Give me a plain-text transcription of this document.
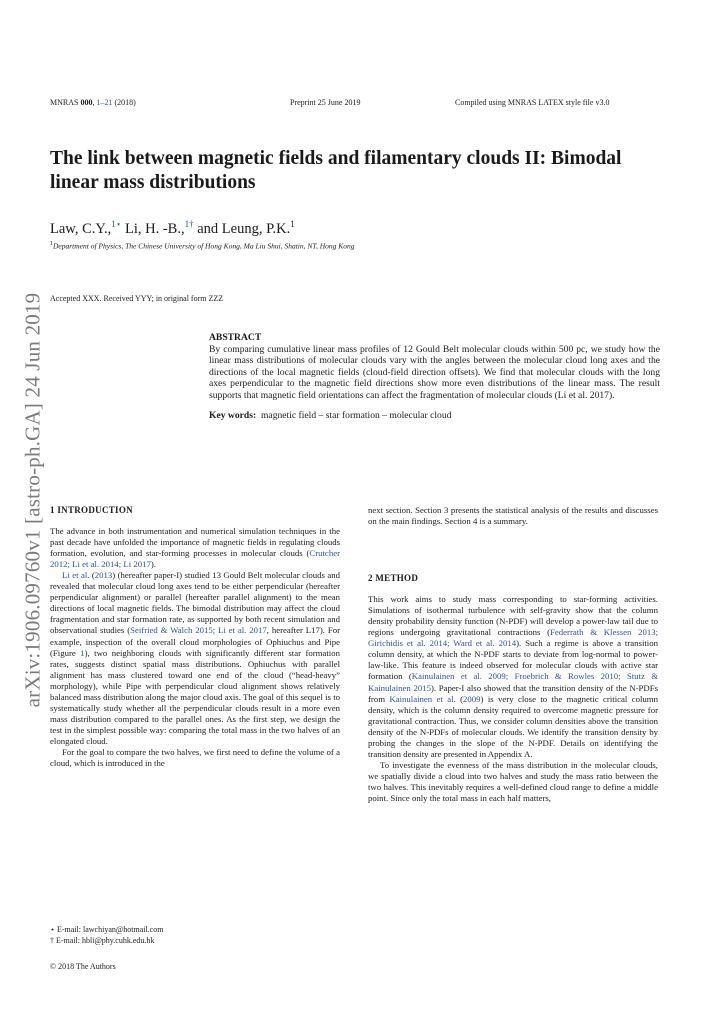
MNRAS 000, 1–21 (2018)	Preprint 25 June 2019	Compiled using MNRAS LATEX style file v3.0
arXiv:1906.09760v1 [astro-ph.GA] 24 Jun 2019
The link between magnetic fields and filamentary clouds II: Bimodal linear mass distributions
Law, C.Y.,$^{1⋆}$ Li, H. -B.,$^{1\dagger}$ and Leung, P.K.$^1$
$^1$Department of Physics, The Chinese University of Hong Kong, Ma Liu Shui, Shatin, NT, Hong Kong
Accepted XXX. Received YYY; in original form ZZZ
ABSTRACT

By comparing cumulative linear mass profiles of 12 Gould Belt molecular clouds within 500 pc, we study how the linear mass distributions of molecular clouds vary with the angles between the molecular cloud long axes and the directions of the local magnetic fields (cloud-field direction offsets). We find that molecular clouds with the long axes perpendicular to the magnetic field directions show more even distributions of the linear mass. The result supports that magnetic field orientations can affect the fragmentation of molecular clouds (Li et al. 2017).

Key words: magnetic field – star formation – molecular cloud

1 INTRODUCTION

The advance in both instrumentation and numerical simulation techniques in the past decade have unfolded the importance of magnetic fields in regulating clouds formation, evolution, and star-forming processes in molecular clouds (Crutcher 2012; Li et al. 2014; Li 2017).

Li et al. (2013) (hereafter paper-I) studied 13 Gould Belt molecular clouds and revealed that molecular cloud long axes tend to be either perpendicular (hereafter perpendicular alignment) or parallel (hereafter parallel alignment) to the mean directions of local magnetic fields. The bimodal distribution may affect the cloud fragmentation and star formation rate, as supported by both recent simulation and observational studies (Seifried & Walch 2015; Li et al. 2017, hereafter L17). For example, inspection of the overall cloud morphologies of Ophiuchus and Pipe (Figure 1), two neighboring clouds with significantly different star formation rates, suggests distinct spatial mass distributions. Ophiuchus with parallel alignment has mass clustered toward one end of the cloud (“head-heavy” morphology), while Pipe with perpendicular cloud alignment shows relatively balanced mass distribution along the major cloud axis. The goal of this sequel is to systematically study whether all the perpendicular clouds result in a more even mass distribution compared to the parallel ones. As the first step, we design the test in the simplest possible way: comparing the total mass in the two halves of an elongated cloud.

For the goal to compare the two halves, we first need to define the volume of a cloud, which is introduced in the

next section. Section 3 presents the statistical analysis of the results and discusses on the main findings. Section 4 is a summary.

2 METHOD

This work aims to study mass corresponding to star-forming activities. Simulations of isothermal turbulence with self-gravity show that the column density probability density function (N-PDF) will develop a power-law tail due to regions undergoing gravitational contractions (Federrath & Klessen 2013; Girichidis et al. 2014; Ward et al. 2014). Such a regime is above a transition column density, at which the N-PDF starts to deviate from log-normal to power-law-like. This feature is indeed observed for molecular clouds with active star formation (Kainulainen et al. 2009; Froebrich & Rowles 2010; Stutz & Kainulainen 2015). Paper-I also showed that the transition density of the N-PDFs from Kainulainen et al. (2009) is very close to the magnetic critical column density, which is the column density required to overcome magnetic pressure for gravitational contraction. Thus, we consider column densities above the transition density of the N-PDFs of molecular clouds. We identify the transition density by probing the changes in the slope of the N-PDF. Details on identifying the transition density are presented in Appendix A.

To investigate the evenness of the mass distribution in the molecular clouds, we spatially divide a cloud into two halves and study the mass ratio between the two halves. This inevitably requires a well-defined cloud range to define a middle point. Since only the total mass in each half matters,

⋆ E-mail: lawchiyan@hotmail.com
† E-mail: hbli@phy.cuhk.edu.hk
© 2018 The Authors
